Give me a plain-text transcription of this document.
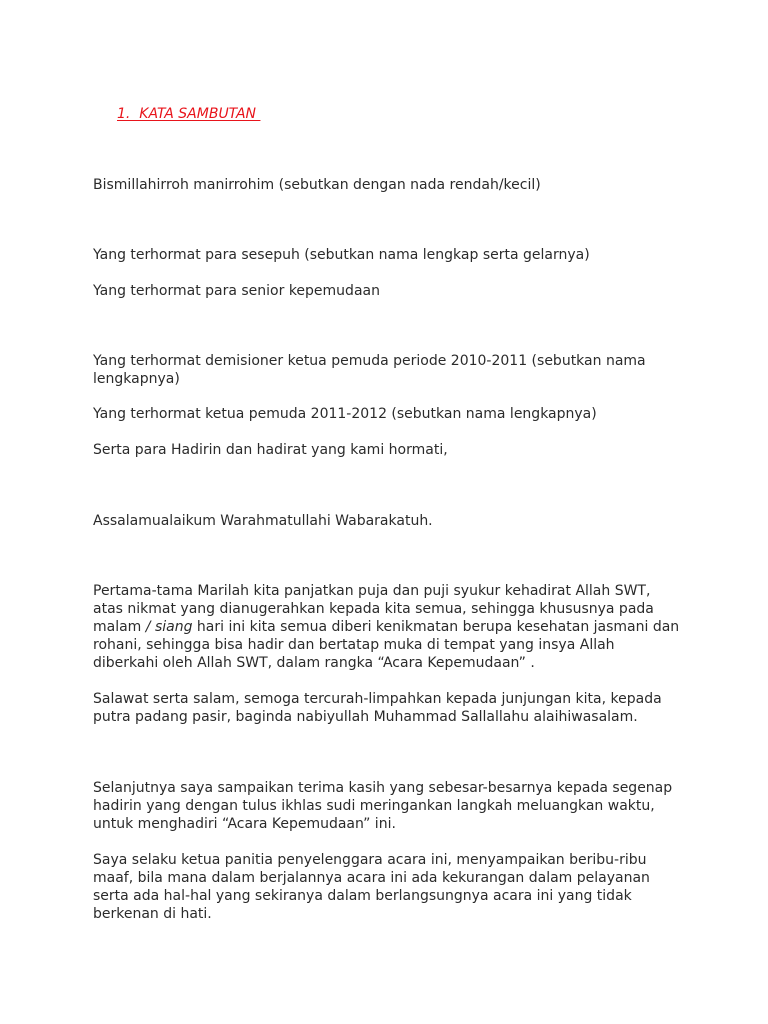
1.  KATA SAMBUTAN

Bismillahirroh manirrohim (sebutkan dengan nada rendah/kecil)

Yang terhormat para sesepuh (sebutkan nama lengkap serta gelarnya)

Yang terhormat para senior kepemudaan

Yang terhormat demisioner ketua pemuda periode 2010-2011 (sebutkan nama lengkapnya)

Yang terhormat ketua pemuda 2011-2012 (sebutkan nama lengkapnya)

Serta para Hadirin dan hadirat yang kami hormati,

Assalamualaikum Warahmatullahi Wabarakatuh.

Pertama-tama Marilah kita panjatkan puja dan puji syukur kehadirat Allah SWT, atas nikmat yang dianugerahkan kepada kita semua, sehingga khususnya pada malam / siang hari ini kita semua diberi kenikmatan berupa kesehatan jasmani dan rohani, sehingga bisa hadir dan bertatap muka di tempat yang insya Allah diberkahi oleh Allah SWT, dalam rangka “Acara Kepemudaan” .

Salawat serta salam, semoga tercurah-limpahkan kepada junjungan kita, kepada putra padang pasir, baginda nabiyullah Muhammad Sallallahu alaihiwasalam.

Selanjutnya saya sampaikan terima kasih yang sebesar-besarnya kepada segenap hadirin yang dengan tulus ikhlas sudi meringankan langkah meluangkan waktu, untuk menghadiri “Acara Kepemudaan” ini.

Saya selaku ketua panitia penyelenggara acara ini, menyampaikan beribu-ribu maaf, bila mana dalam berjalannya acara ini ada kekurangan dalam pelayanan serta ada hal-hal yang sekiranya dalam berlangsungnya acara ini yang tidak berkenan di hati.
